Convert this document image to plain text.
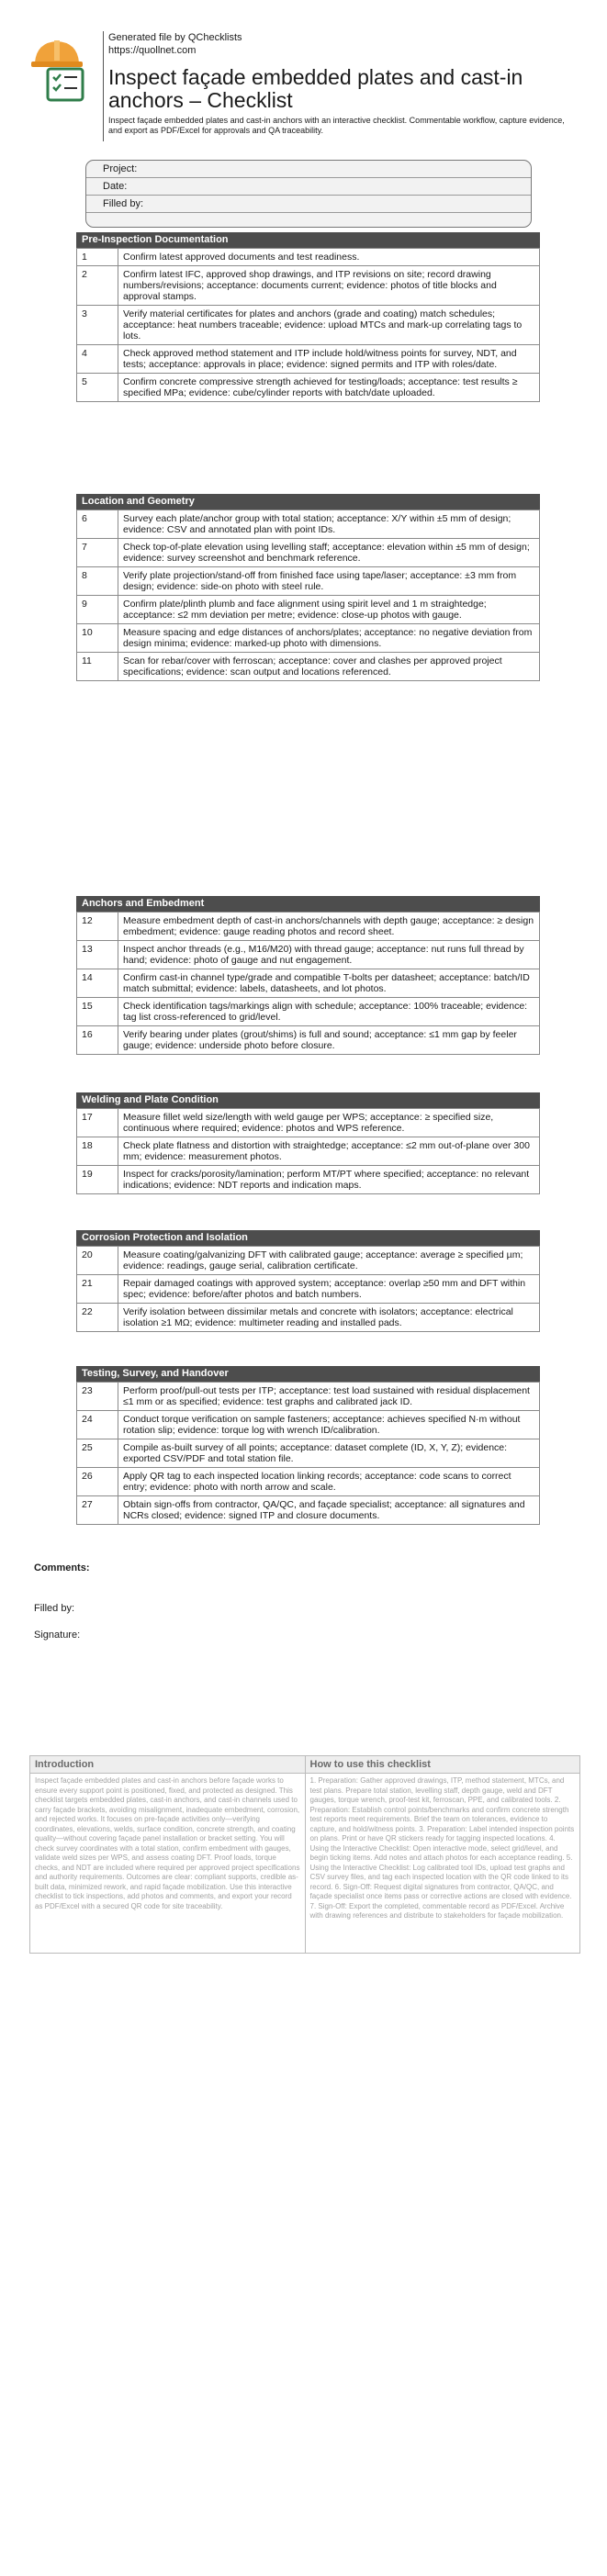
Generated file by QChecklists
https://quollnet.com
Inspect façade embedded plates and cast-in anchors – Checklist
Inspect façade embedded plates and cast-in anchors with an interactive checklist. Commentable workflow, capture evidence, and export as PDF/Excel for approvals and QA traceability.
Project:
Date:
Filled by:
Pre-Inspection Documentation
1	Confirm latest approved documents and test readiness.
2	Confirm latest IFC, approved shop drawings, and ITP revisions on site; record drawing numbers/revisions; acceptance: documents current; evidence: photos of title blocks and approval stamps.
3	Verify material certificates for plates and anchors (grade and coating) match schedules; acceptance: heat numbers traceable; evidence: upload MTCs and mark-up correlating tags to lots.
4	Check approved method statement and ITP include hold/witness points for survey, NDT, and tests; acceptance: approvals in place; evidence: signed permits and ITP with roles/date.
5	Confirm concrete compressive strength achieved for testing/loads; acceptance: test results ≥ specified MPa; evidence: cube/cylinder reports with batch/date uploaded.
Location and Geometry
6	Survey each plate/anchor group with total station; acceptance: X/Y within ±5 mm of design; evidence: CSV and annotated plan with point IDs.
7	Check top-of-plate elevation using levelling staff; acceptance: elevation within ±5 mm of design; evidence: survey screenshot and benchmark reference.
8	Verify plate projection/stand-off from finished face using tape/laser; acceptance: ±3 mm from design; evidence: side-on photo with steel rule.
9	Confirm plate/plinth plumb and face alignment using spirit level and 1 m straightedge; acceptance: ≤2 mm deviation per metre; evidence: close-up photos with gauge.
10	Measure spacing and edge distances of anchors/plates; acceptance: no negative deviation from design minima; evidence: marked-up photo with dimensions.
11	Scan for rebar/cover with ferroscan; acceptance: cover and clashes per approved project specifications; evidence: scan output and locations referenced.
Anchors and Embedment
12	Measure embedment depth of cast-in anchors/channels with depth gauge; acceptance: ≥ design embedment; evidence: gauge reading photos and record sheet.
13	Inspect anchor threads (e.g., M16/M20) with thread gauge; acceptance: nut runs full thread by hand; evidence: photo of gauge and nut engagement.
14	Confirm cast-in channel type/grade and compatible T-bolts per datasheet; acceptance: batch/ID match submittal; evidence: labels, datasheets, and lot photos.
15	Check identification tags/markings align with schedule; acceptance: 100% traceable; evidence: tag list cross-referenced to grid/level.
16	Verify bearing under plates (grout/shims) is full and sound; acceptance: ≤1 mm gap by feeler gauge; evidence: underside photo before closure.
Welding and Plate Condition
17	Measure fillet weld size/length with weld gauge per WPS; acceptance: ≥ specified size, continuous where required; evidence: photos and WPS reference.
18	Check plate flatness and distortion with straightedge; acceptance: ≤2 mm out-of-plane over 300 mm; evidence: measurement photos.
19	Inspect for cracks/porosity/lamination; perform MT/PT where specified; acceptance: no relevant indications; evidence: NDT reports and indication maps.
Corrosion Protection and Isolation
20	Measure coating/galvanizing DFT with calibrated gauge; acceptance: average ≥ specified µm; evidence: readings, gauge serial, calibration certificate.
21	Repair damaged coatings with approved system; acceptance: overlap ≥50 mm and DFT within spec; evidence: before/after photos and batch numbers.
22	Verify isolation between dissimilar metals and concrete with isolators; acceptance: electrical isolation ≥1 MΩ; evidence: multimeter reading and installed pads.
Testing, Survey, and Handover
23	Perform proof/pull-out tests per ITP; acceptance: test load sustained with residual displacement ≤1 mm or as specified; evidence: test graphs and calibrated jack ID.
24	Conduct torque verification on sample fasteners; acceptance: achieves specified N·m without rotation slip; evidence: torque log with wrench ID/calibration.
25	Compile as-built survey of all points; acceptance: dataset complete (ID, X, Y, Z); evidence: exported CSV/PDF and total station file.
26	Apply QR tag to each inspected location linking records; acceptance: code scans to correct entry; evidence: photo with north arrow and scale.
27	Obtain sign-offs from contractor, QA/QC, and façade specialist; acceptance: all signatures and NCRs closed; evidence: signed ITP and closure documents.
Comments:
Filled by:
Signature:
Introduction
Inspect façade embedded plates and cast-in anchors before façade works to ensure every support point is positioned, fixed, and protected as designed. This checklist targets embedded plates, cast-in anchors, and cast-in channels used to carry façade brackets, avoiding misalignment, inadequate embedment, corrosion, and rejected works. It focuses on pre-façade activities only—verifying coordinates, elevations, welds, surface condition, concrete strength, and coating quality—without covering façade panel installation or bracket setting. You will check survey coordinates with a total station, confirm embedment with gauges, validate weld sizes per WPS, and assess coating DFT. Proof loads, torque checks, and NDT are included where required per approved project specifications and authority requirements. Outcomes are clear: compliant supports, credible as-built data, minimized rework, and rapid façade mobilization. Use this interactive checklist to tick inspections, add photos and comments, and export your record as PDF/Excel with a secured QR code for site traceability.
How to use this checklist
1. Preparation: Gather approved drawings, ITP, method statement, MTCs, and test plans. Prepare total station, levelling staff, depth gauge, weld and DFT gauges, torque wrench, proof-test kit, ferroscan, PPE, and calibrated tools. 2. Preparation: Establish control points/benchmarks and confirm concrete strength test reports meet requirements. Brief the team on tolerances, evidence to capture, and hold/witness points. 3. Preparation: Label intended inspection points on plans. Print or have QR stickers ready for tagging inspected locations. 4. Using the Interactive Checklist: Open interactive mode, select grid/level, and begin ticking items. Add notes and attach photos for each acceptance reading. 5. Using the Interactive Checklist: Log calibrated tool IDs, upload test graphs and CSV survey files, and tag each inspected location with the QR code linked to its record. 6. Sign-Off: Request digital signatures from contractor, QA/QC, and façade specialist once items pass or corrective actions are closed with evidence. 7. Sign-Off: Export the completed, commentable record as PDF/Excel. Archive with drawing references and distribute to stakeholders for façade mobilization.
